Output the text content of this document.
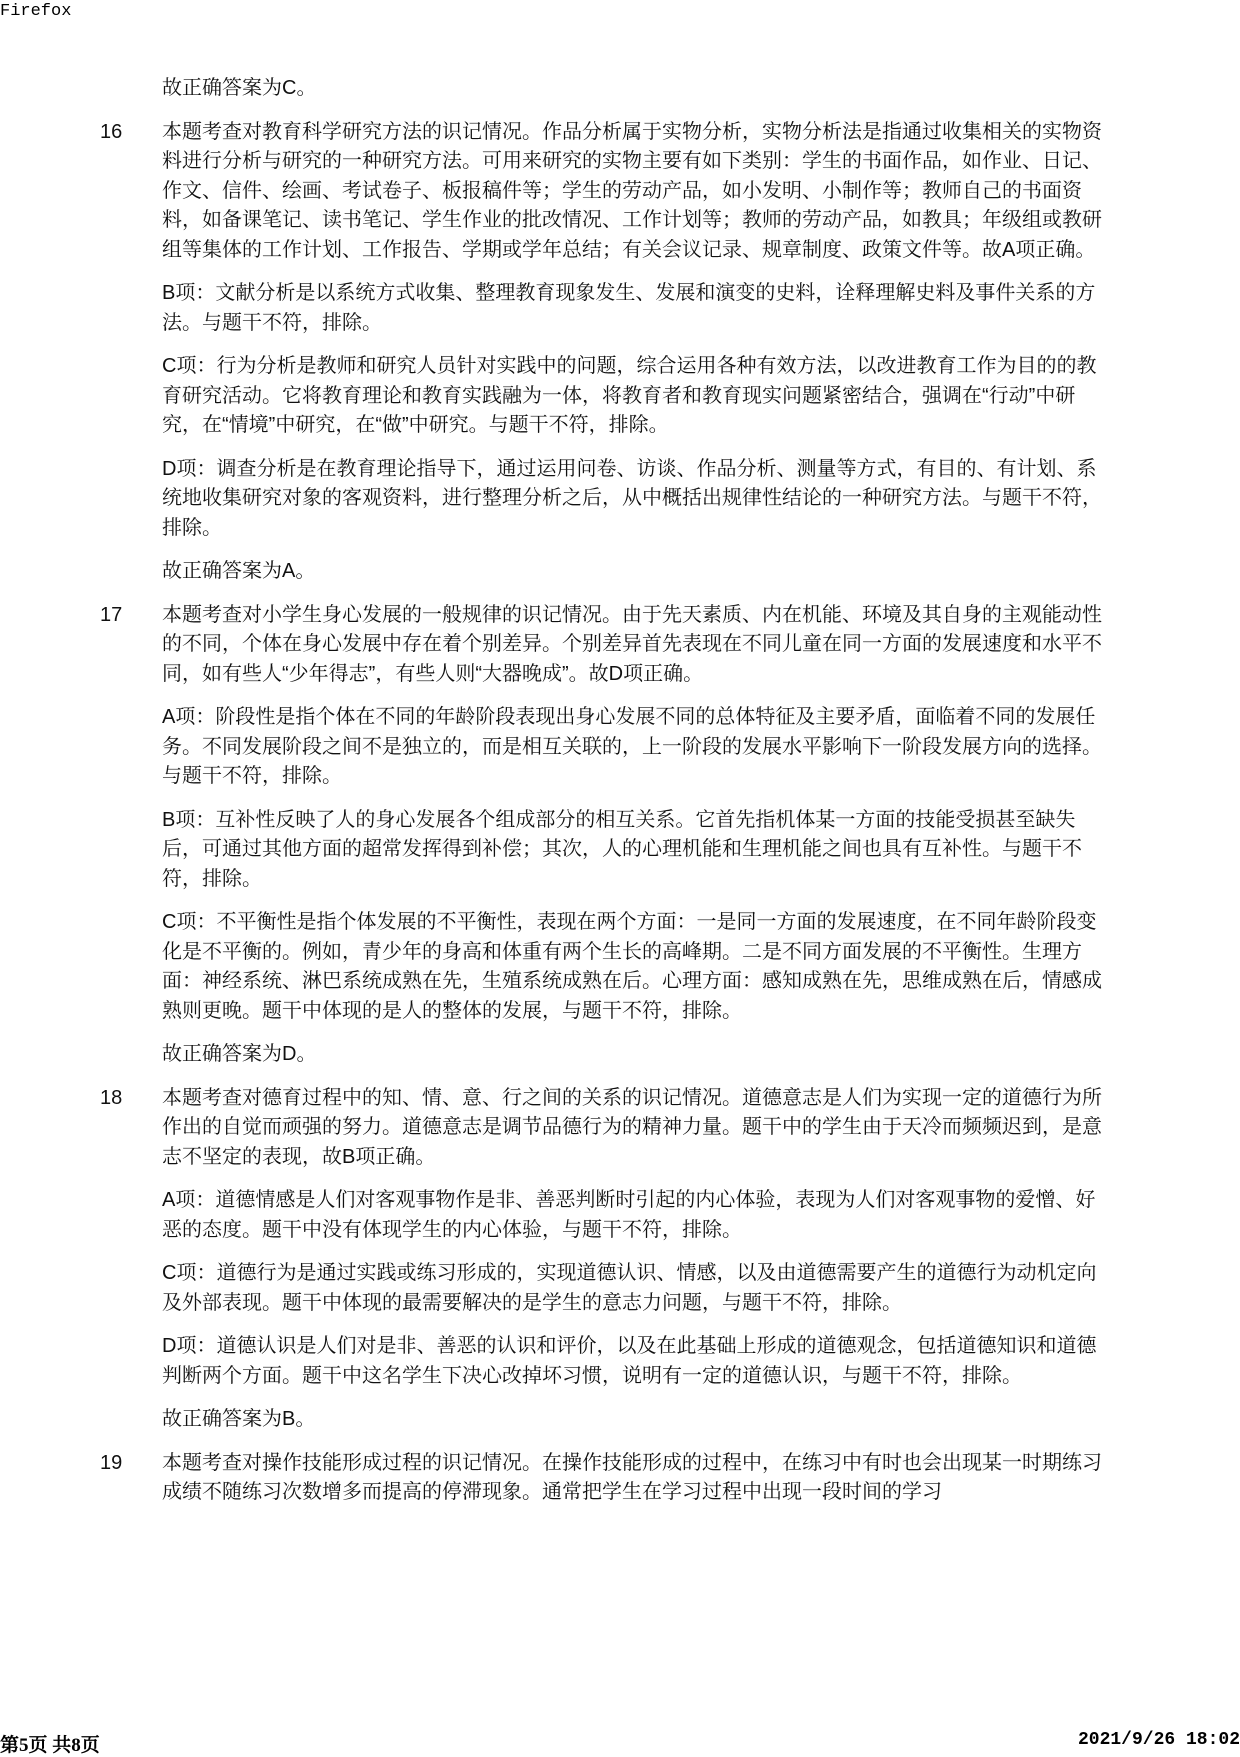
Firefox
故正确答案为C。
16	本题考查对教育科学研究方法的识记情况。作品分析属于实物分析，实物分析法是指通过收集相关的实物资料进行分析与研究的一种研究方法。可用来研究的实物主要有如下类别：学生的书面作品，如作业、日记、作文、信件、绘画、考试卷子、板报稿件等；学生的劳动产品，如小发明、小制作等；教师自己的书面资料，如备课笔记、读书笔记、学生作业的批改情况、工作计划等；教师的劳动产品，如教具；年级组或教研组等集体的工作计划、工作报告、学期或学年总结；有关会议记录、规章制度、政策文件等。故A项正确。
B项：文献分析是以系统方式收集、整理教育现象发生、发展和演变的史料，诠释理解史料及事件关系的方法。与题干不符，排除。
C项：行为分析是教师和研究人员针对实践中的问题，综合运用各种有效方法，以改进教育工作为目的的教育研究活动。它将教育理论和教育实践融为一体，将教育者和教育现实问题紧密结合，强调在“行动”中研究，在“情境”中研究，在“做”中研究。与题干不符，排除。
D项：调查分析是在教育理论指导下，通过运用问卷、访谈、作品分析、测量等方式，有目的、有计划、系统地收集研究对象的客观资料，进行整理分析之后，从中概括出规律性结论的一种研究方法。与题干不符，排除。
故正确答案为A。
17	本题考查对小学生身心发展的一般规律的识记情况。由于先天素质、内在机能、环境及其自身的主观能动性的不同，个体在身心发展中存在着个别差异。个别差异首先表现在不同儿童在同一方面的发展速度和水平不同，如有些人“少年得志”，有些人则“大器晚成”。故D项正确。
A项：阶段性是指个体在不同的年龄阶段表现出身心发展不同的总体特征及主要矛盾，面临着不同的发展任务。不同发展阶段之间不是独立的，而是相互关联的，上一阶段的发展水平影响下一阶段发展方向的选择。与题干不符，排除。
B项：互补性反映了人的身心发展各个组成部分的相互关系。它首先指机体某一方面的技能受损甚至缺失后，可通过其他方面的超常发挥得到补偿；其次，人的心理机能和生理机能之间也具有互补性。与题干不符，排除。
C项：不平衡性是指个体发展的不平衡性，表现在两个方面：一是同一方面的发展速度，在不同年龄阶段变化是不平衡的。例如，青少年的身高和体重有两个生长的高峰期。二是不同方面发展的不平衡性。生理方面：神经系统、淋巴系统成熟在先，生殖系统成熟在后。心理方面：感知成熟在先，思维成熟在后，情感成熟则更晚。题干中体现的是人的整体的发展，与题干不符，排除。
故正确答案为D。
18	本题考查对德育过程中的知、情、意、行之间的关系的识记情况。道德意志是人们为实现一定的道德行为所作出的自觉而顽强的努力。道德意志是调节品德行为的精神力量。题干中的学生由于天冷而频频迟到，是意志不坚定的表现，故B项正确。
A项：道德情感是人们对客观事物作是非、善恶判断时引起的内心体验，表现为人们对客观事物的爱憎、好恶的态度。题干中没有体现学生的内心体验，与题干不符，排除。
C项：道德行为是通过实践或练习形成的，实现道德认识、情感，以及由道德需要产生的道德行为动机定向及外部表现。题干中体现的最需要解决的是学生的意志力问题，与题干不符，排除。
D项：道德认识是人们对是非、善恶的认识和评价，以及在此基础上形成的道德观念，包括道德知识和道德判断两个方面。题干中这名学生下决心改掉坏习惯，说明有一定的道德认识，与题干不符，排除。
故正确答案为B。
19	本题考查对操作技能形成过程的识记情况。在操作技能形成的过程中，在练习中有时也会出现某一时期练习成绩不随练习次数增多而提高的停滞现象。通常把学生在学习过程中出现一段时间的学习
第5页 共8页	2021/9/26 18:02
